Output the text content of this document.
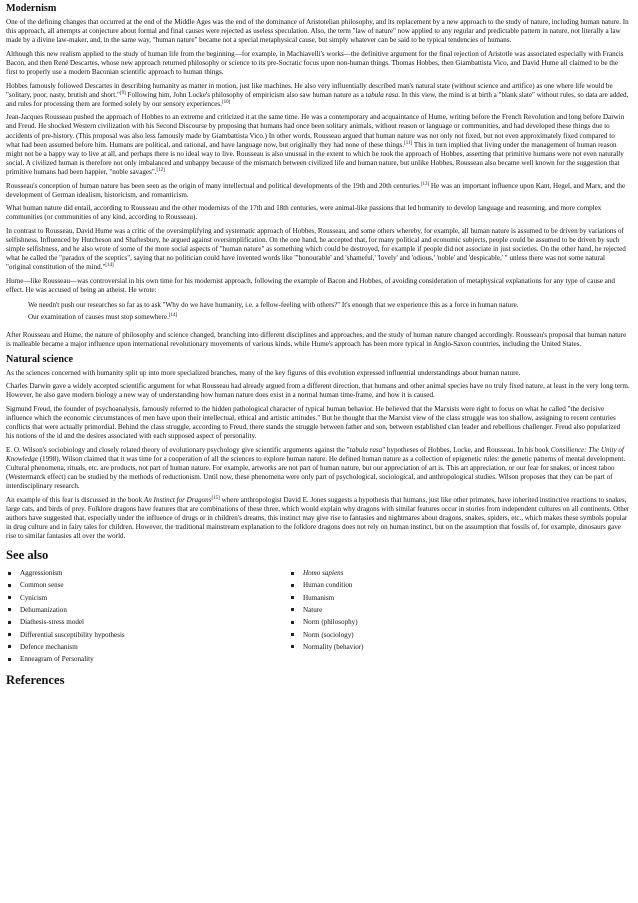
Modernism

One of the defining changes that occurred at the end of the Middle Ages was the end of the dominance of Aristotelian philosophy, and its replacement by a new approach to the study of nature, including human nature. In this approach, all attempts at conjecture about formal and final causes were rejected as useless speculation. Also, the term "law of nature" now applied to any regular and predictable pattern in nature, not literally a law made by a divine law-maker, and, in the same way, "human nature" became not a special metaphysical cause, but simply whatever can be said to be typical tendencies of humans.

Although this new realism applied to the study of human life from the beginning—for example, in Machiavelli's works—the definitive argument for the final rejection of Aristotle was associated especially with Francis Bacon, and then René Descartes, whose new approach returned philosophy or science to its pre-Socratic focus upon non-human things. Thomas Hobbes, then Giambattista Vico, and David Hume all claimed to be the first to properly use a modern Baconian scientific approach to human things.

Hobbes famously followed Descartes in describing humanity as matter in motion, just like machines. He also very influentially described man's natural state (without science and artifice) as one where life would be "solitary, poor, nasty, brutish and short."[9] Following him, John Locke's philosophy of empiricism also saw human nature as a tabula rasa. In this view, the mind is at birth a "blank slate" without rules, so data are added, and rules for processing them are formed solely by our sensory experiences.[10]

Jean-Jacques Rousseau pushed the approach of Hobbes to an extreme and criticized it at the same time. He was a contemporary and acquaintance of Hume, writing before the French Revolution and long before Darwin and Freud. He shocked Western civilization with his Second Discourse by proposing that humans had once been solitary animals, without reason or language or communities, and had developed these things due to accidents of pre-history. (This proposal was also less famously made by Giambattista Vico.) In other words, Rousseau argued that human nature was not only not fixed, but not even approximately fixed compared to what had been assumed before him. Humans are political, and rational, and have language now, but originally they had none of these things.[11] This in turn implied that living under the management of human reason might not be a happy way to live at all, and perhaps there is no ideal way to live. Rousseau is also unusual in the extent to which he took the approach of Hobbes, asserting that primitive humans were not even naturally social. A civilized human is therefore not only imbalanced and unhappy because of the mismatch between civilized life and human nature, but unlike Hobbes, Rousseau also became well known for the suggestion that primitive humans had been happier, "noble savages".[12]

Rousseau's conception of human nature has been seen as the origin of many intellectual and political developments of the 19th and 20th centuries.[13] He was an important influence upon Kant, Hegel, and Marx, and the development of German idealism, historicism, and romanticism.

What human nature did entail, according to Rousseau and the other modernists of the 17th and 18th centuries, were animal-like passions that led humanity to develop language and reasoning, and more complex communities (or communities of any kind, according to Rousseau).

In contrast to Rousseau, David Hume was a critic of the oversimplifying and systematic approach of Hobbes, Rousseau, and some others whereby, for example, all human nature is assumed to be driven by variations of selfishness. Influenced by Hutcheson and Shaftesbury, he argued against oversimplification. On the one hand, he accepted that, for many political and economic subjects, people could be assumed to be driven by such simple selfishness, and he also wrote of some of the more social aspects of "human nature" as something which could be destroyed, for example if people did not associate in just societies. On the other hand, he rejected what he called the "paradox of the sceptics", saying that no politician could have invented words like "'honourable' and 'shameful,' 'lovely' and 'odious,' 'noble' and 'despicable,' " unless there was not some natural "original constitution of the mind."[14]

Hume—like Rousseau—was controversial in his own time for his modernist approach, following the example of Bacon and Hobbes, of avoiding consideration of metaphysical explanations for any type of cause and effect. He was accused of being an atheist. He wrote:

We needn't push our researches so far as to ask "Why do we have humanity, i.e. a fellow-feeling with others?" It's enough that we experience this as a force in human nature.

Our examination of causes must stop somewhere.[14]

After Rousseau and Hume, the nature of philosophy and science changed, branching into different disciplines and approaches, and the study of human nature changed accordingly. Rousseau's proposal that human nature is malleable became a major influence upon international revolutionary movements of various kinds, while Hume's approach has been more typical in Anglo-Saxon countries, including the United States.

Natural science

As the sciences concerned with humanity split up into more specialized branches, many of the key figures of this evolution expressed influential understandings about human nature.

Charles Darwin gave a widely accepted scientific argument for what Rousseau had already argued from a different direction, that humans and other animal species have no truly fixed nature, at least in the very long term. However, he also gave modern biology a new way of understanding how human nature does exist in a normal human time-frame, and how it is caused.

Sigmund Freud, the founder of psychoanalysis, famously referred to the hidden pathological character of typical human behavior. He believed that the Marxists were right to focus on what he called "the decisive influence which the economic circumstances of men have upon their intellectual, ethical and artistic attitudes." But he thought that the Marxist view of the class struggle was too shallow, assigning to recent centuries conflicts that were actually primordial. Behind the class struggle, according to Freud, there stands the struggle between father and son, between established clan leader and rebellious challenger. Freud also popularized his notions of the id and the desires associated with each supposed aspect of personality.

E. O. Wilson's sociobiology and closely related theory of evolutionary psychology give scientific arguments against the "tabula rasa" hypotheses of Hobbes, Locke, and Rousseau. In his book Consilience: The Unity of Knowledge (1998), Wilson claimed that it was time for a cooperation of all the sciences to explore human nature. He defined human nature as a collection of epigenetic rules: the genetic patterns of mental development. Cultural phenomena, rituals, etc. are products, not part of human nature. For example, artworks are not part of human nature, but our appreciation of art is. This art appreciation, or our fear for snakes, or incest taboo (Westermarck effect) can be studied by the methods of reductionism. Until now, these phenomena were only part of psychological, sociological, and anthropological studies. Wilson proposes that they can be part of interdisciplinary research.

An example of this fear is discussed in the book An Instinct for Dragons[15] where anthropologist David E. Jones suggests a hypothesis that humans, just like other primates, have inherited instinctive reactions to snakes, large cats, and birds of prey. Folklore dragons have features that are combinations of these three, which would explain why dragons with similar features occur in stories from independent cultures on all continents. Other authors have suggested that, especially under the influence of drugs or in children's dreams, this instinct may give rise to fantasies and nightmares about dragons, snakes, spiders, etc., which makes these symbols popular in drug culture and in fairy tales for children. However, the traditional mainstream explanation to the folklore dragons does not rely on human instinct, but on the assumption that fossils of, for example, dinosaurs gave rise to similar fantasies all over the world.

See also
Aggressionism
Common sense
Cynicism
Dehumanization
Diathesis-stress model
Differential susceptibility hypothesis
Defence mechanism
Enneagram of Personality
Homo sapiens
Human condition
Humanism
Nature
Norm (philosophy)
Norm (sociology)
Normality (behavior)
References
